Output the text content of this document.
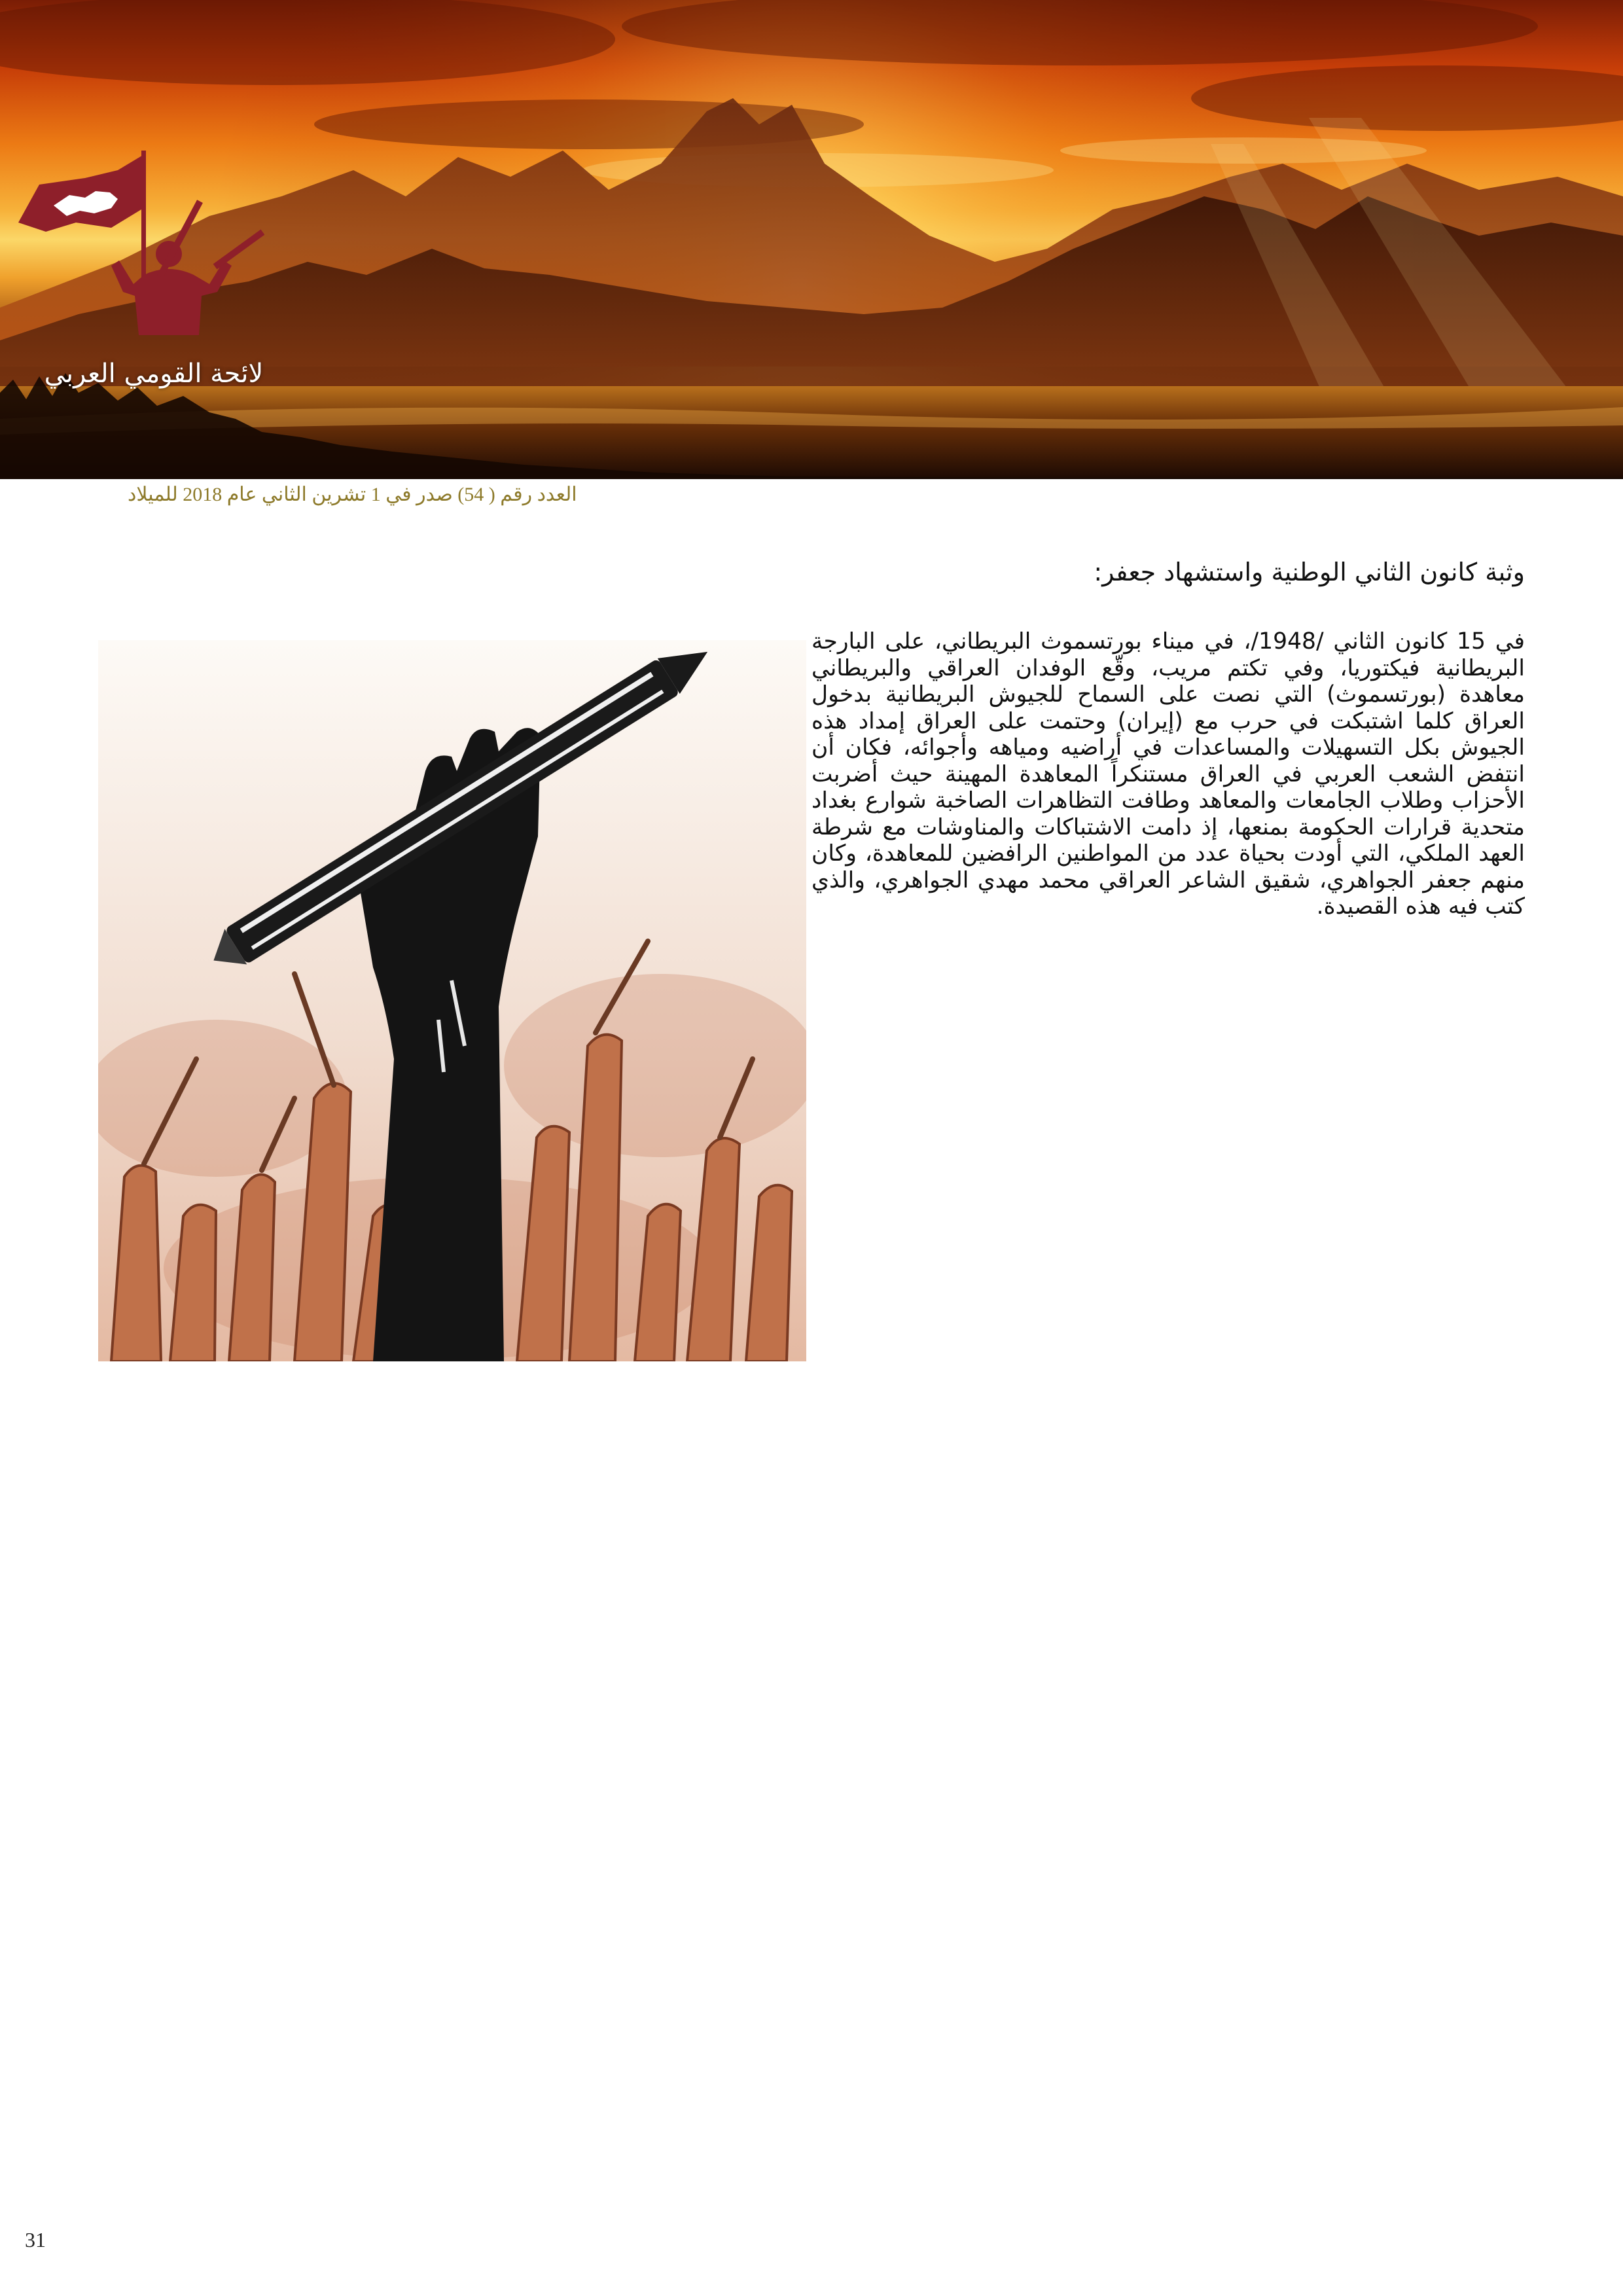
لائحة القومي العربي
العدد رقم ( 54) صدر في 1 تشرين الثاني عام 2018 للميلاد
وثبة كانون الثاني الوطنية واستشهاد جعفر:
في 15 كانون الثاني /1948/، في ميناء بورتسموث البريطاني، على البارجة البريطانية فيكتوريا، وفي تكتم مريب، وقّع الوفدان العراقي والبريطاني معاهدة (بورتسموث) التي نصت على السماح للجيوش البريطانية بدخول العراق كلما اشتبكت في حرب مع (إيران) وحتمت على العراق إمداد هذه الجيوش بكل التسهيلات والمساعدات في أراضيه ومياهه وأجوائه، فكان أن انتفض الشعب العربي في العراق مستنكراً المعاهدة المهينة حيث أضربت الأحزاب وطلاب الجامعات والمعاهد وطافت التظاهرات الصاخبة شوارع بغداد متحدية قرارات الحكومة بمنعها، إذ دامت الاشتباكات والمناوشات مع شرطة العهد الملكي، التي أودت بحياة عدد من المواطنين الرافضين للمعاهدة، وكان منهم جعفر الجواهري، شقيق الشاعر العراقي محمد مهدي الجواهري، والذي كتب فيه هذه القصيدة.
31
